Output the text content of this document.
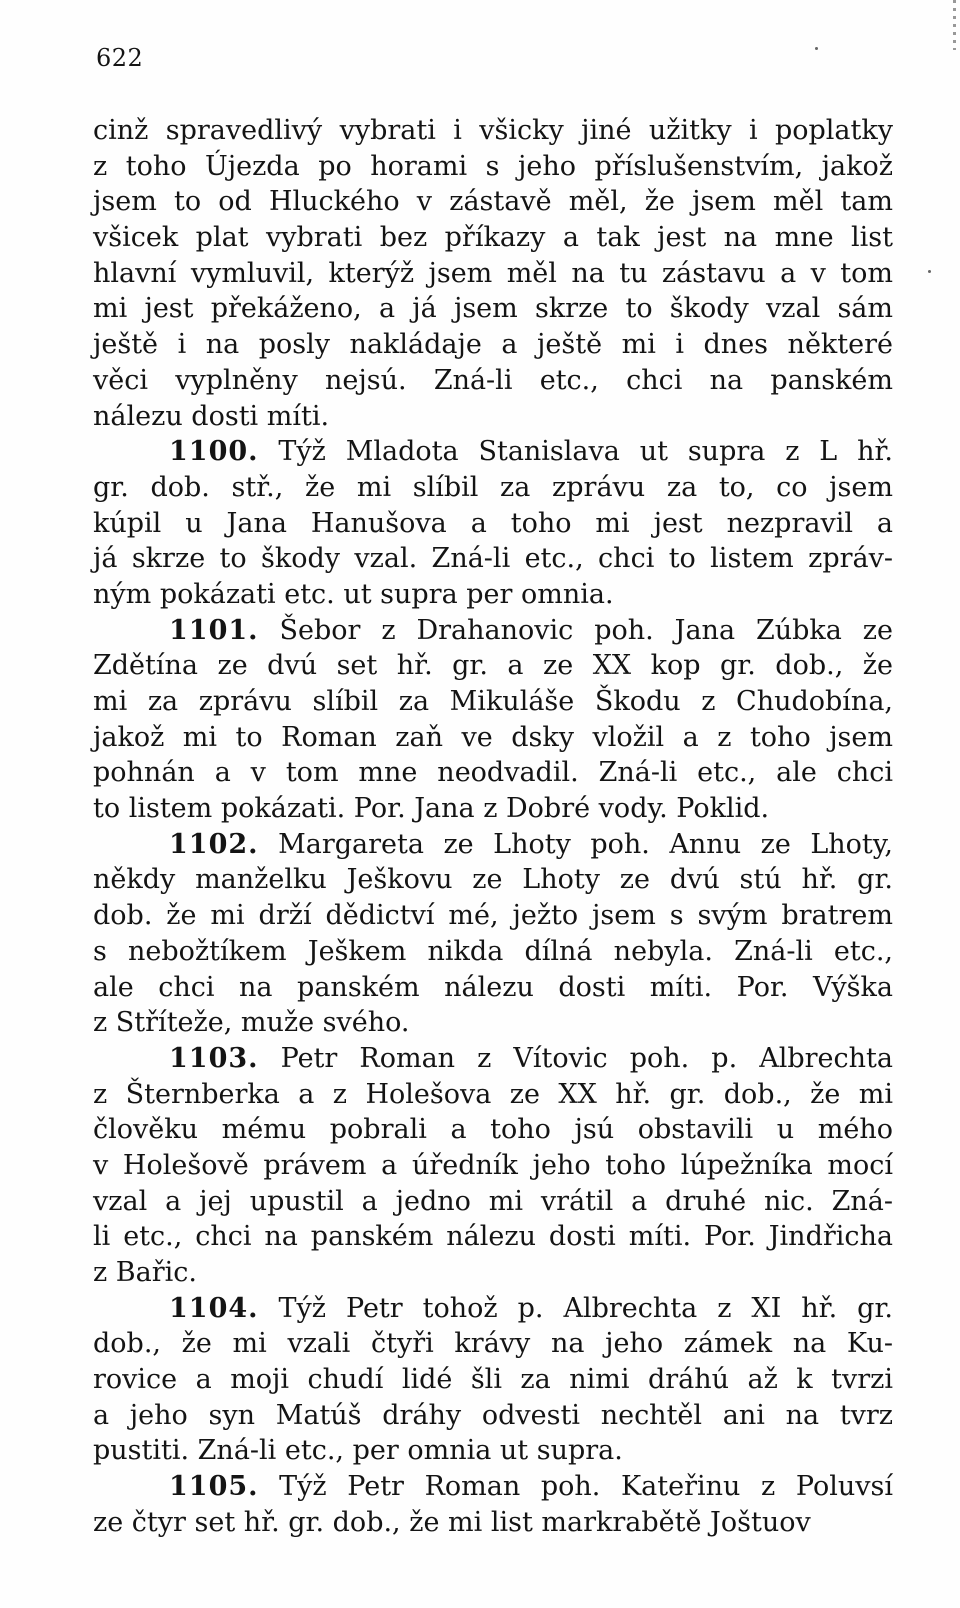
622
cinž spravedlivý vybrati i všicky jiné užitky i poplatky
z toho Újezda po horami s jeho příslušenstvím, jakož
jsem to od Hluckého v zástavě měl, že jsem měl tam
všicek plat vybrati bez příkazy a tak jest na mne list
hlavní vymluvil, kterýž jsem měl na tu zástavu a v tom
mi jest překáženo, a já jsem skrze to škody vzal sám
ještě i na posly nakládaje a ještě mi i dnes některé
věci vyplněny nejsú. Zná-li etc., chci na panském
nálezu dosti míti.
1100. Týž Mladota Stanislava ut supra z L hř.
gr. dob. stř., že mi slíbil za zprávu za to, co jsem
kúpil u Jana Hanušova a toho mi jest nezpravil a
já skrze to škody vzal. Zná-li etc., chci to listem zpráv-
ným pokázati etc. ut supra per omnia.
1101. Šebor z Drahanovic poh. Jana Zúbka ze
Zdětína ze dvú set hř. gr. a ze XX kop gr. dob., že
mi za zprávu slíbil za Mikuláše Škodu z Chudobína,
jakož mi to Roman zaň ve dsky vložil a z toho jsem
pohnán a v tom mne neodvadil. Zná-li etc., ale chci
to listem pokázati. Por. Jana z Dobré vody. Poklid.
1102. Margareta ze Lhoty poh. Annu ze Lhoty,
někdy manželku Ješkovu ze Lhoty ze dvú stú hř. gr.
dob. že mi drží dědictví mé, ježto jsem s svým bratrem
s nebožtíkem Ješkem nikda dílná nebyla. Zná-li etc.,
ale chci na panském nálezu dosti míti. Por. Výška
z Stříteže, muže svého.
1103. Petr Roman z Vítovic poh. p. Albrechta
z Šternberka a z Holešova ze XX hř. gr. dob., že mi
člověku mému pobrali a toho jsú obstavili u mého
v Holešově právem a úředník jeho toho lúpežníka mocí
vzal a jej upustil a jedno mi vrátil a druhé nic. Zná-
li etc., chci na panském nálezu dosti míti. Por. Jindřicha
z Bařic.
1104. Týž Petr tohož p. Albrechta z XI hř. gr.
dob., že mi vzali čtyři krávy na jeho zámek na Ku-
rovice a moji chudí lidé šli za nimi dráhú až k tvrzi
a jeho syn Matúš dráhy odvesti nechtěl ani na tvrz
pustiti. Zná-li etc., per omnia ut supra.
1105. Týž Petr Roman poh. Kateřinu z Poluvsí
ze čtyr set hř. gr. dob., že mi list markrabětě Joštuov
